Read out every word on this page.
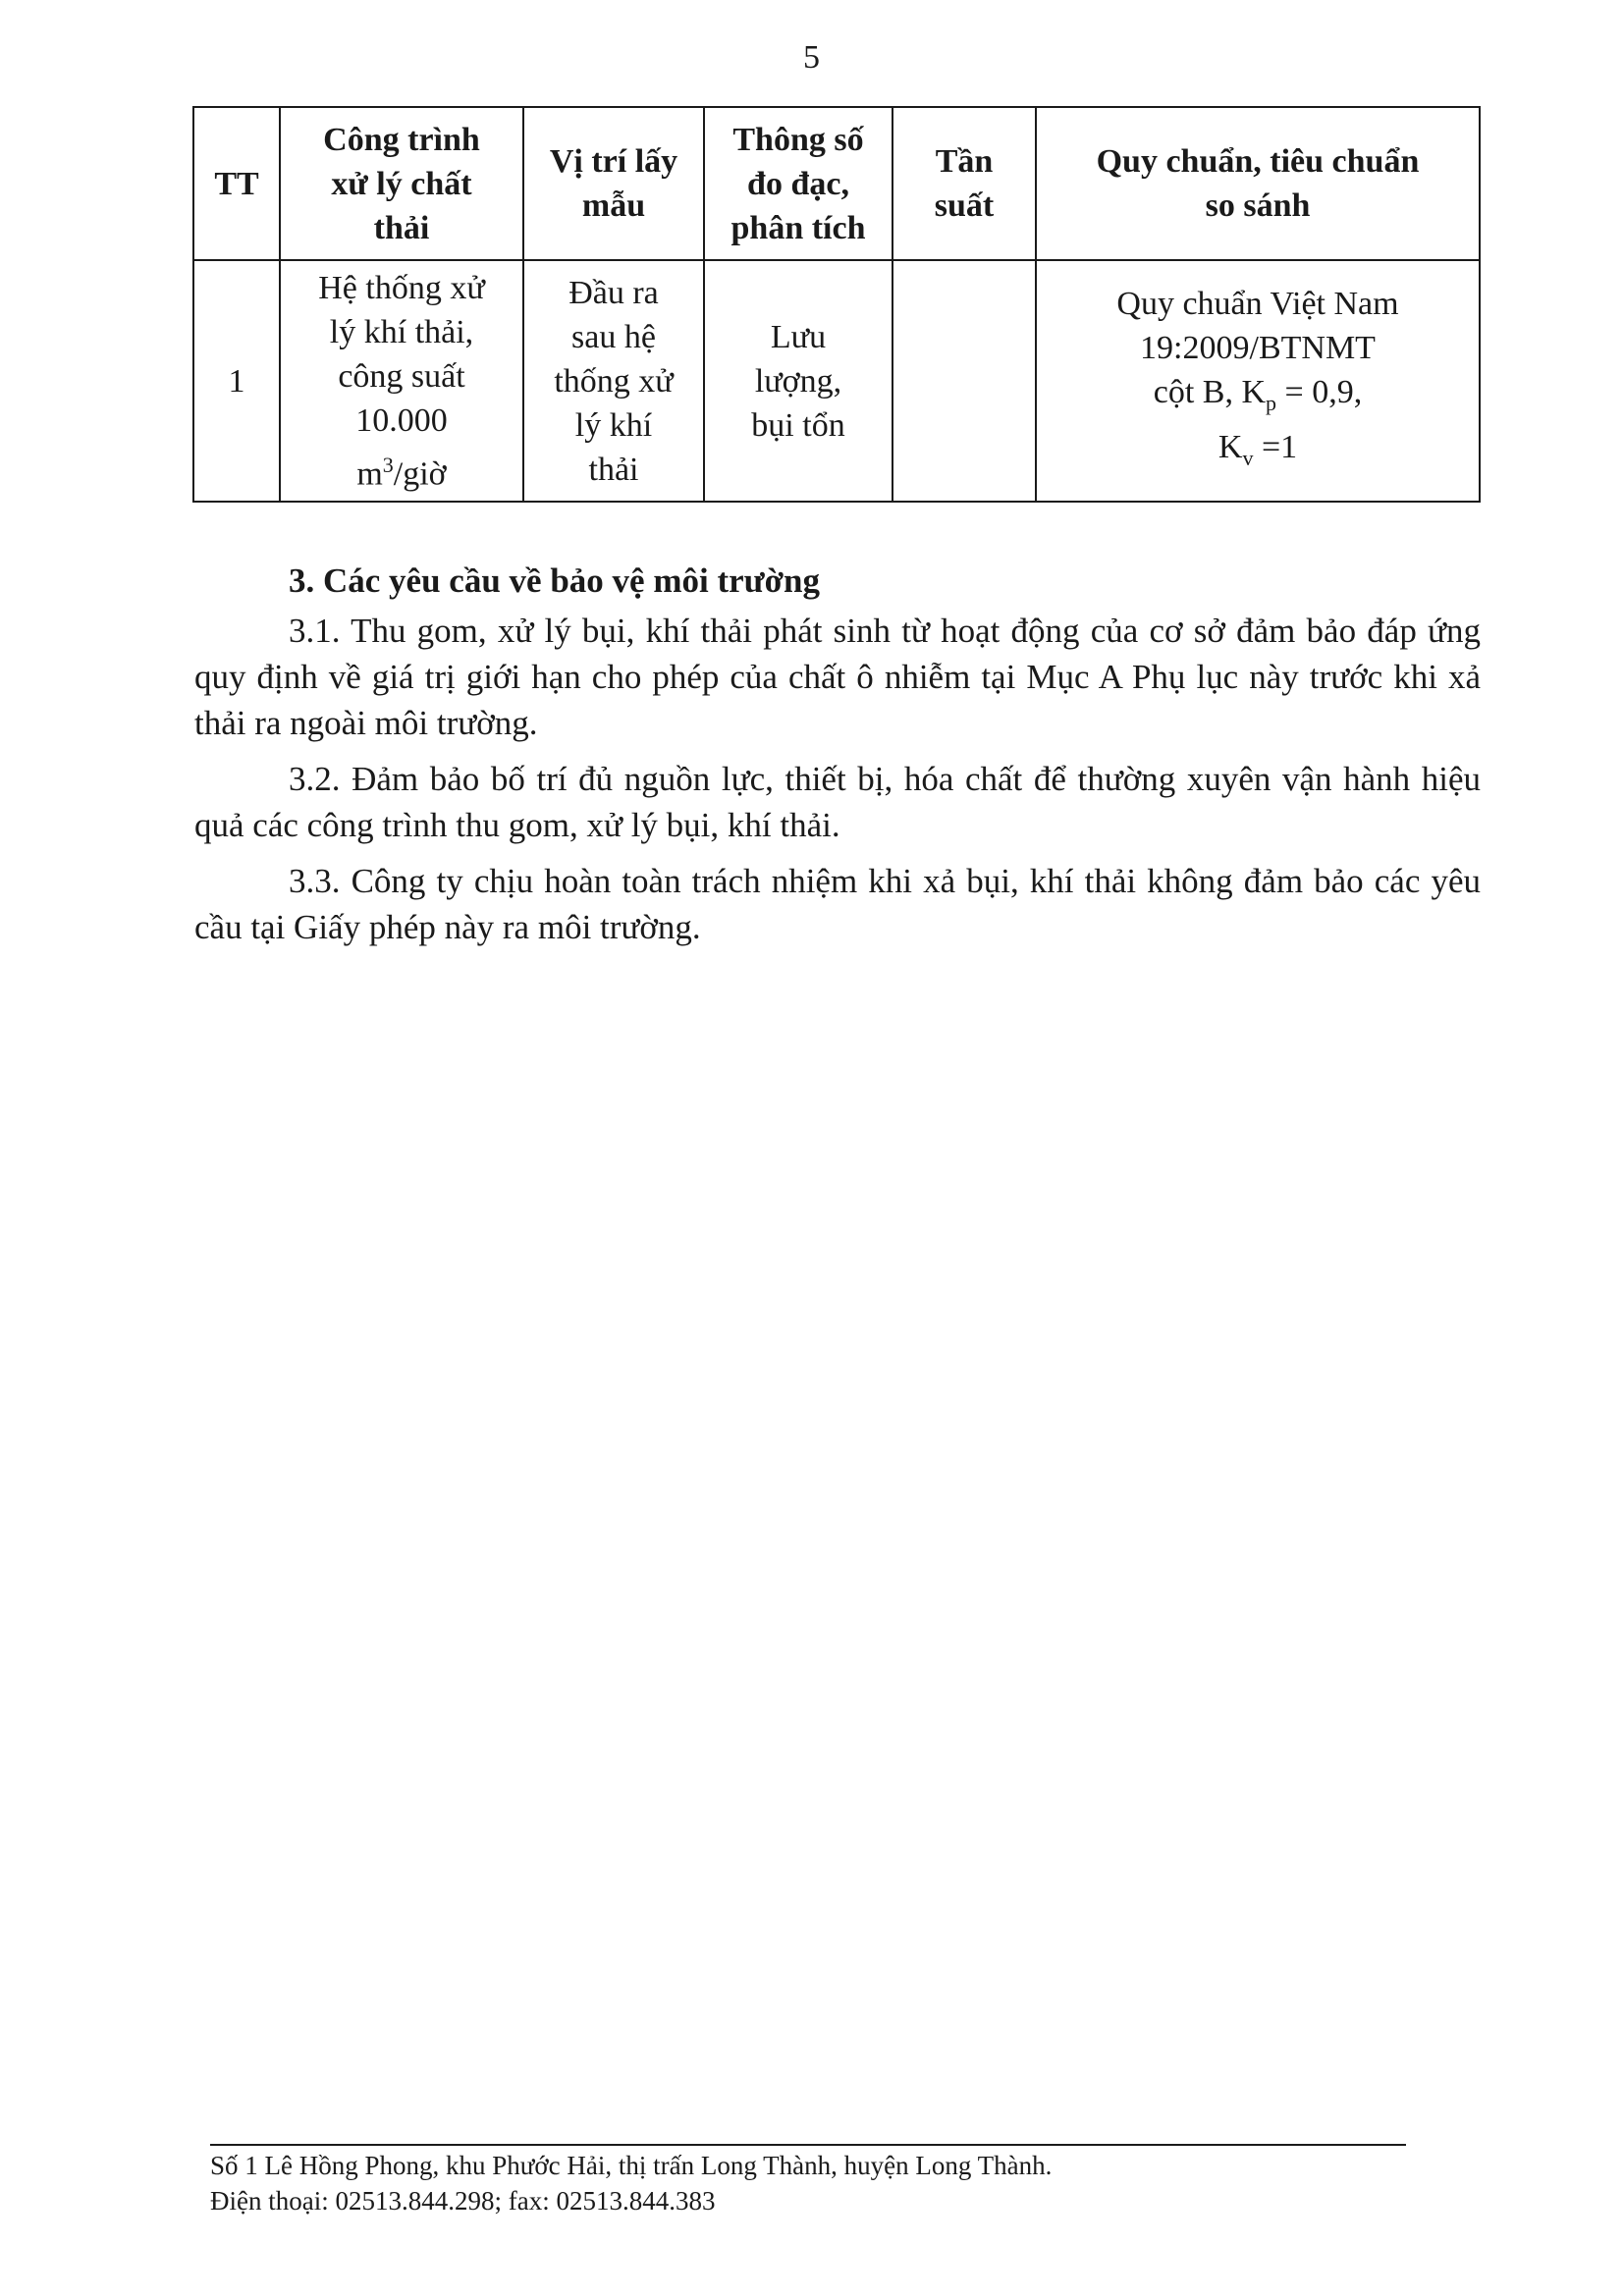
5
TT	Công trình
xử lý chất
thải	Vị trí lấy
mẫu	Thông số
đo đạc,
phân tích	Tần
suất	Quy chuẩn, tiêu chuẩn
so sánh

1	Hệ thống xử
lý khí thải,
công suất
10.000
$m^3$/giờ	Đầu ra
sau hệ
thống xử
lý khí
thải	Lưu
lượng,
bụi tổn		Quy chuẩn Việt Nam
19:2009/BTNMT
cột B, $K_p = 0,9$,
$K_v =1$

3. Các yêu cầu về bảo vệ môi trường

3.1. Thu gom, xử lý bụi, khí thải phát sinh từ hoạt động của cơ sở đảm bảo đáp ứng quy định về giá trị giới hạn cho phép của chất ô nhiễm tại Mục A Phụ lục này trước khi xả thải ra ngoài môi trường.

3.2. Đảm bảo bố trí đủ nguồn lực, thiết bị, hóa chất để thường xuyên vận hành hiệu quả các công trình thu gom, xử lý bụi, khí thải.

3.3. Công ty chịu hoàn toàn trách nhiệm khi xả bụi, khí thải không đảm bảo các yêu cầu tại Giấy phép này ra môi trường.

Số 1 Lê Hồng Phong, khu Phước Hải, thị trấn Long Thành, huyện Long Thành.
Điện thoại: 02513.844.298; fax: 02513.844.383
